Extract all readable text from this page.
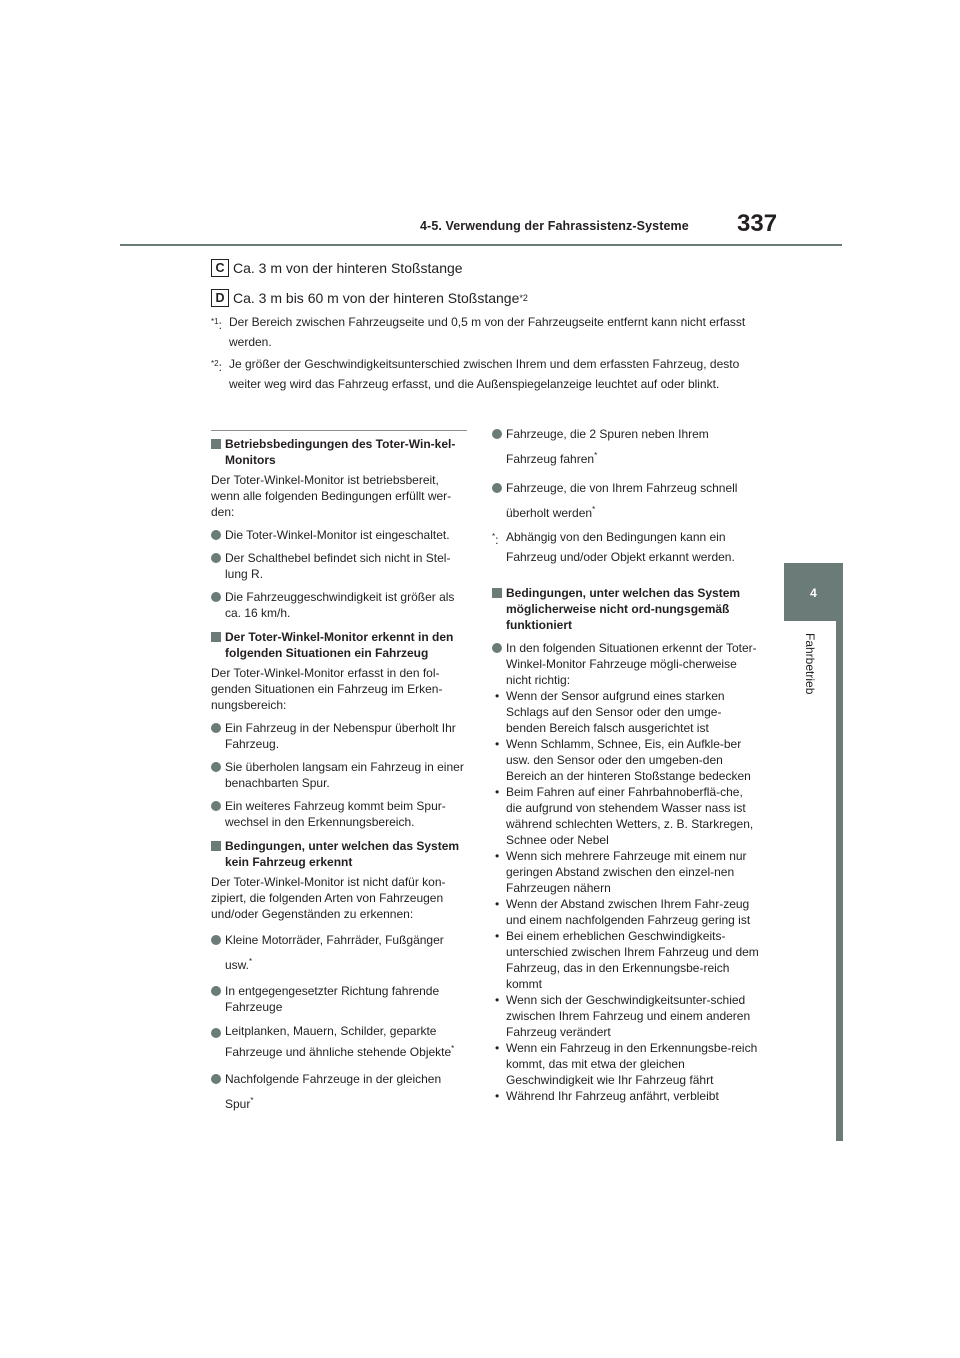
4-5. Verwendung der Fahrassistenz-Systeme 337
4
Fahrbetrieb
C Ca. 3 m von der hinteren Stoßstange
D Ca. 3 m bis 60 m von der hinteren Stoßstange *2
$^{*1}$: Der Bereich zwischen Fahrzeugseite und 0,5 m von der Fahrzeugseite entfernt kann nicht erfasst werden.
$^{*2}$: Je größer der Geschwindigkeitsunterschied zwischen Ihrem und dem erfassten Fahrzeug, desto weiter weg wird das Fahrzeug erfasst, und die Außenspiegelanzeige leuchtet auf oder blinkt.
Betriebsbedingungen des Toter-Win-kel-Monitors
Der Toter-Winkel-Monitor ist betriebsbereit, wenn alle folgenden Bedingungen erfüllt wer-den:
Die Toter-Winkel-Monitor ist eingeschaltet.
Der Schalthebel befindet sich nicht in Stel-lung R.
Die Fahrzeuggeschwindigkeit ist größer als ca. 16 km/h.
Der Toter-Winkel-Monitor erkennt in den folgenden Situationen ein Fahrzeug
Der Toter-Winkel-Monitor erfasst in den fol-genden Situationen ein Fahrzeug im Erken-nungsbereich:
Ein Fahrzeug in der Nebenspur überholt Ihr Fahrzeug.
Sie überholen langsam ein Fahrzeug in einer benachbarten Spur.
Ein weiteres Fahrzeug kommt beim Spur-wechsel in den Erkennungsbereich.
Bedingungen, unter welchen das System kein Fahrzeug erkennt
Der Toter-Winkel-Monitor ist nicht dafür kon-zipiert, die folgenden Arten von Fahrzeugen und/oder Gegenständen zu erkennen:
Kleine Motorräder, Fahrräder, Fußgänger usw.*
In entgegengesetzter Richtung fahrende Fahrzeuge
Leitplanken, Mauern, Schilder, geparkte Fahrzeuge und ähnliche stehende Objekte*
Nachfolgende Fahrzeuge in der gleichen Spur*
Fahrzeuge, die 2 Spuren neben Ihrem Fahrzeug fahren*
Fahrzeuge, die von Ihrem Fahrzeug schnell überholt werden*
*: Abhängig von den Bedingungen kann ein Fahrzeug und/oder Objekt erkannt werden.
Bedingungen, unter welchen das System möglicherweise nicht ord-nungsgemäß funktioniert
In den folgenden Situationen erkennt der Toter-Winkel-Monitor Fahrzeuge mögli-cherweise nicht richtig:
• Wenn der Sensor aufgrund eines starken Schlags auf den Sensor oder den umge-benden Bereich falsch ausgerichtet ist
• Wenn Schlamm, Schnee, Eis, ein Aufkle-ber usw. den Sensor oder den umgeben-den Bereich an der hinteren Stoßstange bedecken
• Beim Fahren auf einer Fahrbahnoberflä-che, die aufgrund von stehendem Wasser nass ist während schlechten Wetters, z. B. Starkregen, Schnee oder Nebel
• Wenn sich mehrere Fahrzeuge mit einem nur geringen Abstand zwischen den einzel-nen Fahrzeugen nähern
• Wenn der Abstand zwischen Ihrem Fahr-zeug und einem nachfolgenden Fahrzeug gering ist
• Bei einem erheblichen Geschwindigkeits-unterschied zwischen Ihrem Fahrzeug und dem Fahrzeug, das in den Erkennungsbe-reich kommt
• Wenn sich der Geschwindigkeitsunter-schied zwischen Ihrem Fahrzeug und einem anderen Fahrzeug verändert
• Wenn ein Fahrzeug in den Erkennungsbe-reich kommt, das mit etwa der gleichen Geschwindigkeit wie Ihr Fahrzeug fährt
• Während Ihr Fahrzeug anfährt, verbleibt
